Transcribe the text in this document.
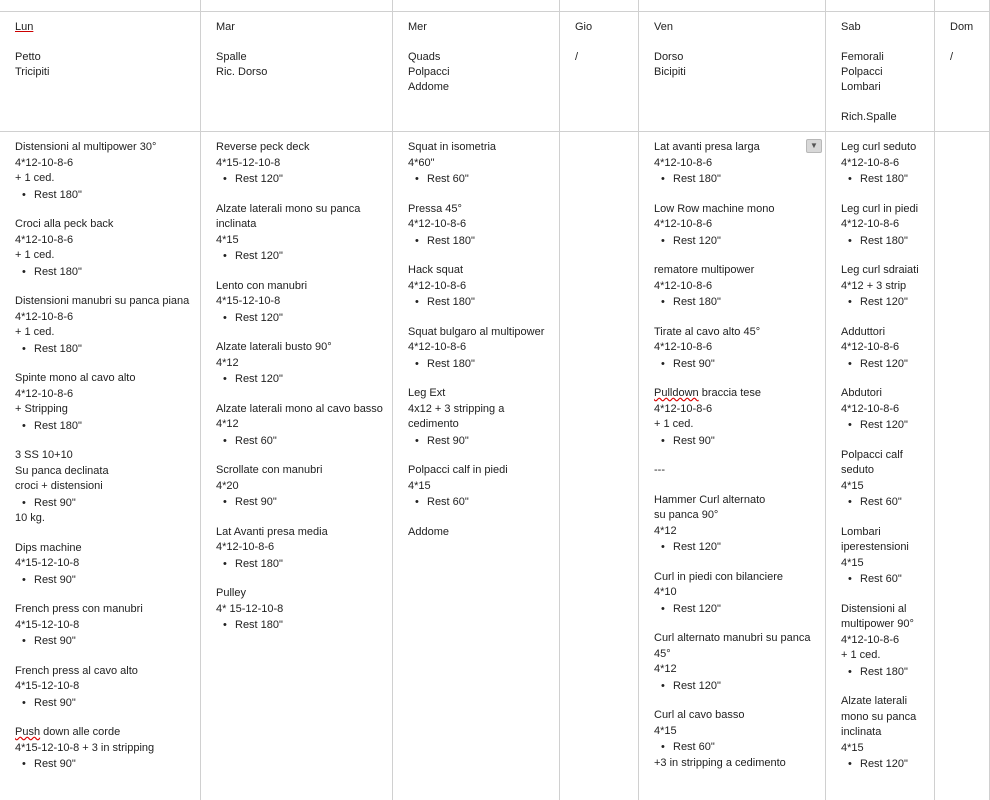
Lun
Petto
Tricipiti
Distensioni al multipower 30°
4*12-10-8-6
+ 1 ced.
• Rest 180"
Croci alla peck back
4*12-10-8-6
+ 1 ced.
• Rest 180"
Distensioni manubri su panca piana
4*12-10-8-6
+ 1 ced.
• Rest 180"
Spinte mono al cavo alto
4*12-10-8-6
+ Stripping
• Rest 180"
3 SS 10+10
Su panca declinata
croci + distensioni
• Rest 90"
10 kg.
Dips machine
4*15-12-10-8
• Rest 90"
French press con manubri
4*15-12-10-8
• Rest 90"
French press al cavo alto
4*15-12-10-8
• Rest 90"
Push down alle corde
4*15-12-10-8 + 3 in stripping
• Rest 90"
Mar
Spalle
Ric. Dorso
Reverse peck deck
4*15-12-10-8
• Rest 120"
Alzate laterali mono su panca
inclinata
4*15
• Rest 120"
Lento con manubri
4*15-12-10-8
• Rest 120"
Alzate laterali busto 90°
4*12
• Rest 120"
Alzate laterali mono al cavo basso
4*12
• Rest 60"
Scrollate con manubri
4*20
• Rest 90"
Lat Avanti presa media
4*12-10-8-6
• Rest 180"
Pulley
4* 15-12-10-8
• Rest 180"
Mer
Quads
Polpacci
Addome
Squat in isometria
4*60"
• Rest 60"
Pressa 45°
4*12-10-8-6
• Rest 180"
Hack squat
4*12-10-8-6
• Rest 180"
Squat bulgaro al multipower
4*12-10-8-6
• Rest 180"
Leg Ext
4x12 + 3 stripping a cedimento
• Rest 90"
Polpacci calf in piedi
4*15
• Rest 60"
Addome
Gio
/
Ven
Dorso
Bicipiti
Lat avanti presa larga
4*12-10-8-6
• Rest 180"
Low Row machine mono
4*12-10-8-6
• Rest 120"
rematore multipower
4*12-10-8-6
• Rest 180"
Tirate al cavo alto 45°
4*12-10-8-6
• Rest 90"
Pulldown braccia tese
4*12-10-8-6
+ 1 ced.
• Rest 90"
---
Hammer Curl alternato
su panca 90°
4*12
• Rest 120"
Curl in piedi con bilanciere
4*10
• Rest 120"
Curl alternato manubri su panca
45°
4*12
• Rest 120"
Curl al cavo basso
4*15
• Rest 60"
+3 in stripping a cedimento
Sab
Femorali
Polpacci
Lombari
Rich.Spalle
Leg curl seduto
4*12-10-8-6
• Rest 180"
Leg curl in piedi
4*12-10-8-6
• Rest 180"
Leg curl sdraiati
4*12 + 3 strip
• Rest 120"
Adduttori
4*12-10-8-6
• Rest 120"
Abdutori
4*12-10-8-6
• Rest 120"
Polpacci calf seduto
4*15
• Rest 60"
Lombari
iperestensioni
4*15
• Rest 60"
Distensioni al
multipower 90°
4*12-10-8-6
+ 1 ced.
• Rest 180"
Alzate laterali
mono su panca
inclinata
4*15
• Rest 120"
Dom
/
▼
